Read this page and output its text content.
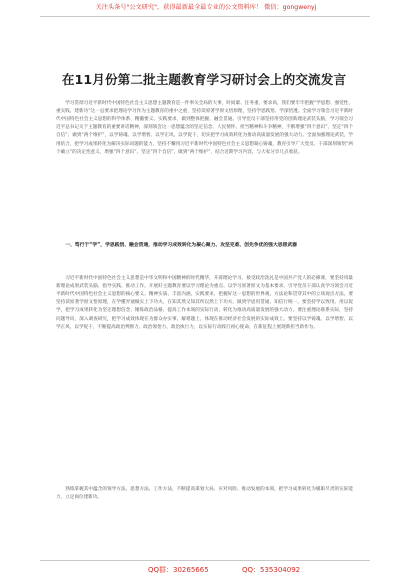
关注头条号"公文研究"，获得最新最全最专业的公文资料库！ 微信：gongwenyj
在11月份第二批主题教育学习研讨会上的交流发言

学习贯彻习近平新时代中国特色社会主义思想主题教育是一件事关全局的大事，时间紧、任务重、要求高，我们要牢牢把握“学思想、强党性、重实践、建新功”这一总要求把理论学习作为主题教育的重中之重，坚持读原著学原文悟原理，坚持学思践悟、学深悟透。全面学习领会习近平新时代中国特色社会主义思想的科学体系、精髓要义、实践要求，做到整体把握、融会贯通。引导党员干部坚持用党的创新理论武装头脑，学习领会习近平总书记关于主题教育的重要讲话精神，深刻领会这一思想蕴含的坚定信念、人民情怀、担当精神和斗争精神，不断增强“四个意识”、坚定“四个自信”、做到“两个维护”，以学铸魂、以学增智、以学正风、以学促干，切实把学习成效转化为推动高质量发展的强大动力。全面加强理论武装，学用结合，把学习成果转化为解决实际问题的能力，坚持不懈用习近平新时代中国特色社会主义思想凝心铸魂，教育引导广大党员、干部深刻领悟“两个确立”的决定性意义，增强“四个意识”、坚定“四个自信”，做到“两个维护”，结合近期学习内容，与大家分享几点收获。

一、笃行于“学”，学思践悟、融会贯通，推动学习成效转化为凝心聚力、攻坚克难、创先争优的强大思想武器

习近平新时代中国特色社会主义思想是中华文明和中国精神的时代精华，开辟理论学习、接受政治洗礼是中国共产党人的必修课，要坚持用最新理论成果武装头脑、指导实践、推动工作。开展好主题教育要以学习理论为重点、以学习原著原文为基本要求，引导党员干部认真学习领会习近平新时代中国特色社会主义思想的核心要义、精神实质、丰富内涵、实践要求，把握好这一思想的世界观、方法论和贯穿其中的立场观点方法。要坚持读原著学原文悟原理，在学懂弄通做实上下功夫，在知其然又知其所以然上下功夫，做到学思用贯通、知信行统一。要坚持学以致用、用以促学，把学习成果转化为坚定理想信念、锤炼政治品格、提高工作本领的实际行动，转化为推动高质量发展的强大动力。要注重理论联系实际，坚持问题导向，深入调查研究，把学习成效体现在为群众办实事、解难题上，体现在推动经济社会发展的实际成效上。要坚持以学铸魂、以学增智、以学正风、以学促干，不断提高政治判断力、政治领悟力、政治执行力，以实际行动践行初心使命，在新征程上展现新担当新作为。

熟练掌握其中蕴含的领导方法、思想方法、工作方法，不断提高谋划大局、应对风险、推动发展的本领，把学习成果转化为履职尽责的实际能力，立足岗位建新功。

QQ群：30265665	QQ：535304092
